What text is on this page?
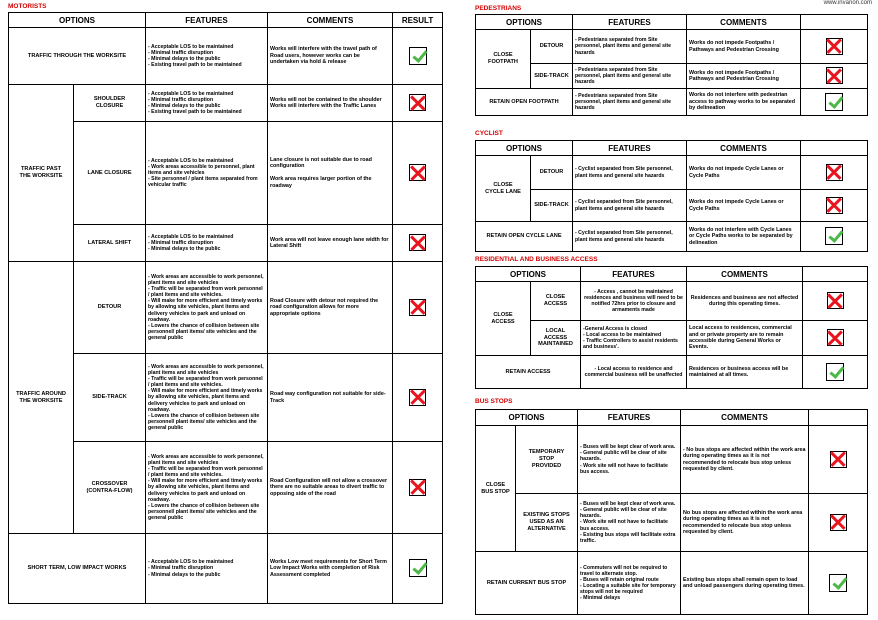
www.invarion.com
MOTORISTS
OPTIONS		FEATURES	COMMENTS	RESULT
TRAFFIC THROUGH THE WORKSITE		- Acceptable LOS to be maintained
- Minimal traffic disruption
- Minimal delays to the public
- Existing travel path to be maintained	Works will interfere with the travel path of Road users, however works can be undertaken via hold & release	
TRAFFIC PAST
THE WORKSITE	SHOULDER
CLOSURE	- Acceptable LOS to be maintained
- Minimal traffic disruption
- Minimal delays to the public
- Existing travel path to be maintained	Works will not be contained to the shoulder
Works will interfere with the Traffic Lanes	
	LANE CLOSURE	- Acceptable LOS to be maintained
- Work areas accessible to personnel, plant items and site vehicles
- Site personnel / plant items separated from vehicular traffic	Lane closure is not suitable due to road configuration

Work area requires larger portion of the roadway	
	LATERAL SHIFT	- Acceptable LOS to be maintained
- Minimal traffic disruption
- Minimal delays to the public	Work area will not leave enough lane width for Lateral Shift	
TRAFFIC AROUND
THE WORKSITE	DETOUR	- Work areas are accessible to work personnel, plant items and site vehicles
- Traffic will be separated from work personnel / plant items and site vehicles.
- Will make for more efficient and timely works by allowing site vehicles, plant items and delivery vehicles to park and unload on roadway.
- Lowers the chance of collision between site personnel/ plant items/ site vehicles and the general public	Road Closure with detour not required the road configuration allows for more appropriate options	
	SIDE-TRACK	- Work areas are accessible to work personnel, plant items and site vehicles
- Traffic will be separated from work personnel / plant items and site vehicles.
- Will make for more efficient and timely works by allowing site vehicles, plant items and delivery vehicles to park and unload on roadway.
- Lowers the chance of collision between site personnel/ plant items/ site vehicles and the general public	Road way configuration not suitable for side-Track	
	CROSSOVER
(CONTRA-FLOW)	- Work areas are accessible to work personnel, plant items and site vehicles
- Traffic will be separated from work personnel / plant items and site vehicles.
- Will make for more efficient and timely works by allowing site vehicles, plant items and delivery vehicles to park and unload on roadway.
- Lowers the chance of collision between site personnel/ plant items/ site vehicles and the general public	Road Configuration will not allow a crossover there are no suitable areas to divert traffic to opposing side of the road	
SHORT TERM, LOW IMPACT WORKS		- Acceptable LOS to be maintained
- Minimal traffic disruption
- Minimal delays to the public	Works Low meet requirements for Short Term Low Impact Works with completion of Risk Assessment completed	
PEDESTRIANS
OPTIONS		FEATURES	COMMENTS	
CLOSE
FOOTPATH	DETOUR	- Pedestrians separated from Site personnel, plant items and general site hazards	Works do not impede Footpaths / Pathways and Pedestrian Crossing	
	SIDE-TRACK	- Pedestrians separated from Site personnel, plant items and general site hazards	Works do not impede Footpaths / Pathways and Pedestrian Crossing	
RETAIN OPEN FOOTPATH		- Pedestrians separated from Site personnel, plant items and general site hazards	Works do not interfere with pedestrian access to pathway works to be separated by delineation	
CYCLIST
OPTIONS		FEATURES	COMMENTS	
CLOSE
CYCLE LANE	DETOUR	- Cyclist separated from Site personnel, plant items and general site hazards	Works do not impede Cycle Lanes or Cycle Paths	
	SIDE-TRACK	- Cyclist separated from Site personnel, plant items and general site hazards	Works do not impede Cycle Lanes or Cycle Paths	
RETAIN OPEN CYCLE LANE		- Cyclist separated from Site personnel, plant items and general site hazards	Works do not interfere with Cycle Lanes or Cycle Paths works to be separated by delineation	
RESIDENTIAL AND BUSINESS ACCESS
OPTIONS		FEATURES	COMMENTS	
CLOSE
ACCESS	CLOSE
ACCESS	- Access , cannot be maintained residences and business will need to be notified 72hrs prior to closure and armaments made	Residences and business are not affected during this operating times.	
	LOCAL
ACCESS
MAINTAINED	-General Access is closed
- Local access to be maintained
- Traffic Controllers to assist residents and business'.	Local access to residences, commercial and or private property are to remain accessible during General Works or Events.	
RETAIN ACCESS		- Local access to residence and commercial business will be unaffected	Residences or business access will be maintained at all times.	
BUS STOPS
OPTIONS		FEATURES	COMMENTS	
CLOSE
BUS STOP	TEMPORARY
STOP
PROVIDED	- Buses will be kept clear of work area.
- General public will be clear of site hazards.
- Work site will not have to facilitate bus access.	- No bus stops are affected within the work area during operating times as it is not recommended to relocate bus stop unless requested by client.	
	EXISTING STOPS
USED AS AN
ALTERNATIVE	- Buses will be kept clear of work area.
- General public will be clear of site hazards.
- Work site will not have to facilitate bus access.
- Existing bus stops will facilitate extra traffic.	No bus stops are affected within the work area during operating times as it is not recommended to relocate bus stop unless requested by client.	
RETAIN CURRENT BUS STOP		- Commuters will not be required to travel to alternate stop.
- Buses will retain original route
- Locating a suitable site for temporary stops will not be required
- Minimal delays	Existing bus stops shall remain open to load and unload passengers during operating times.	
